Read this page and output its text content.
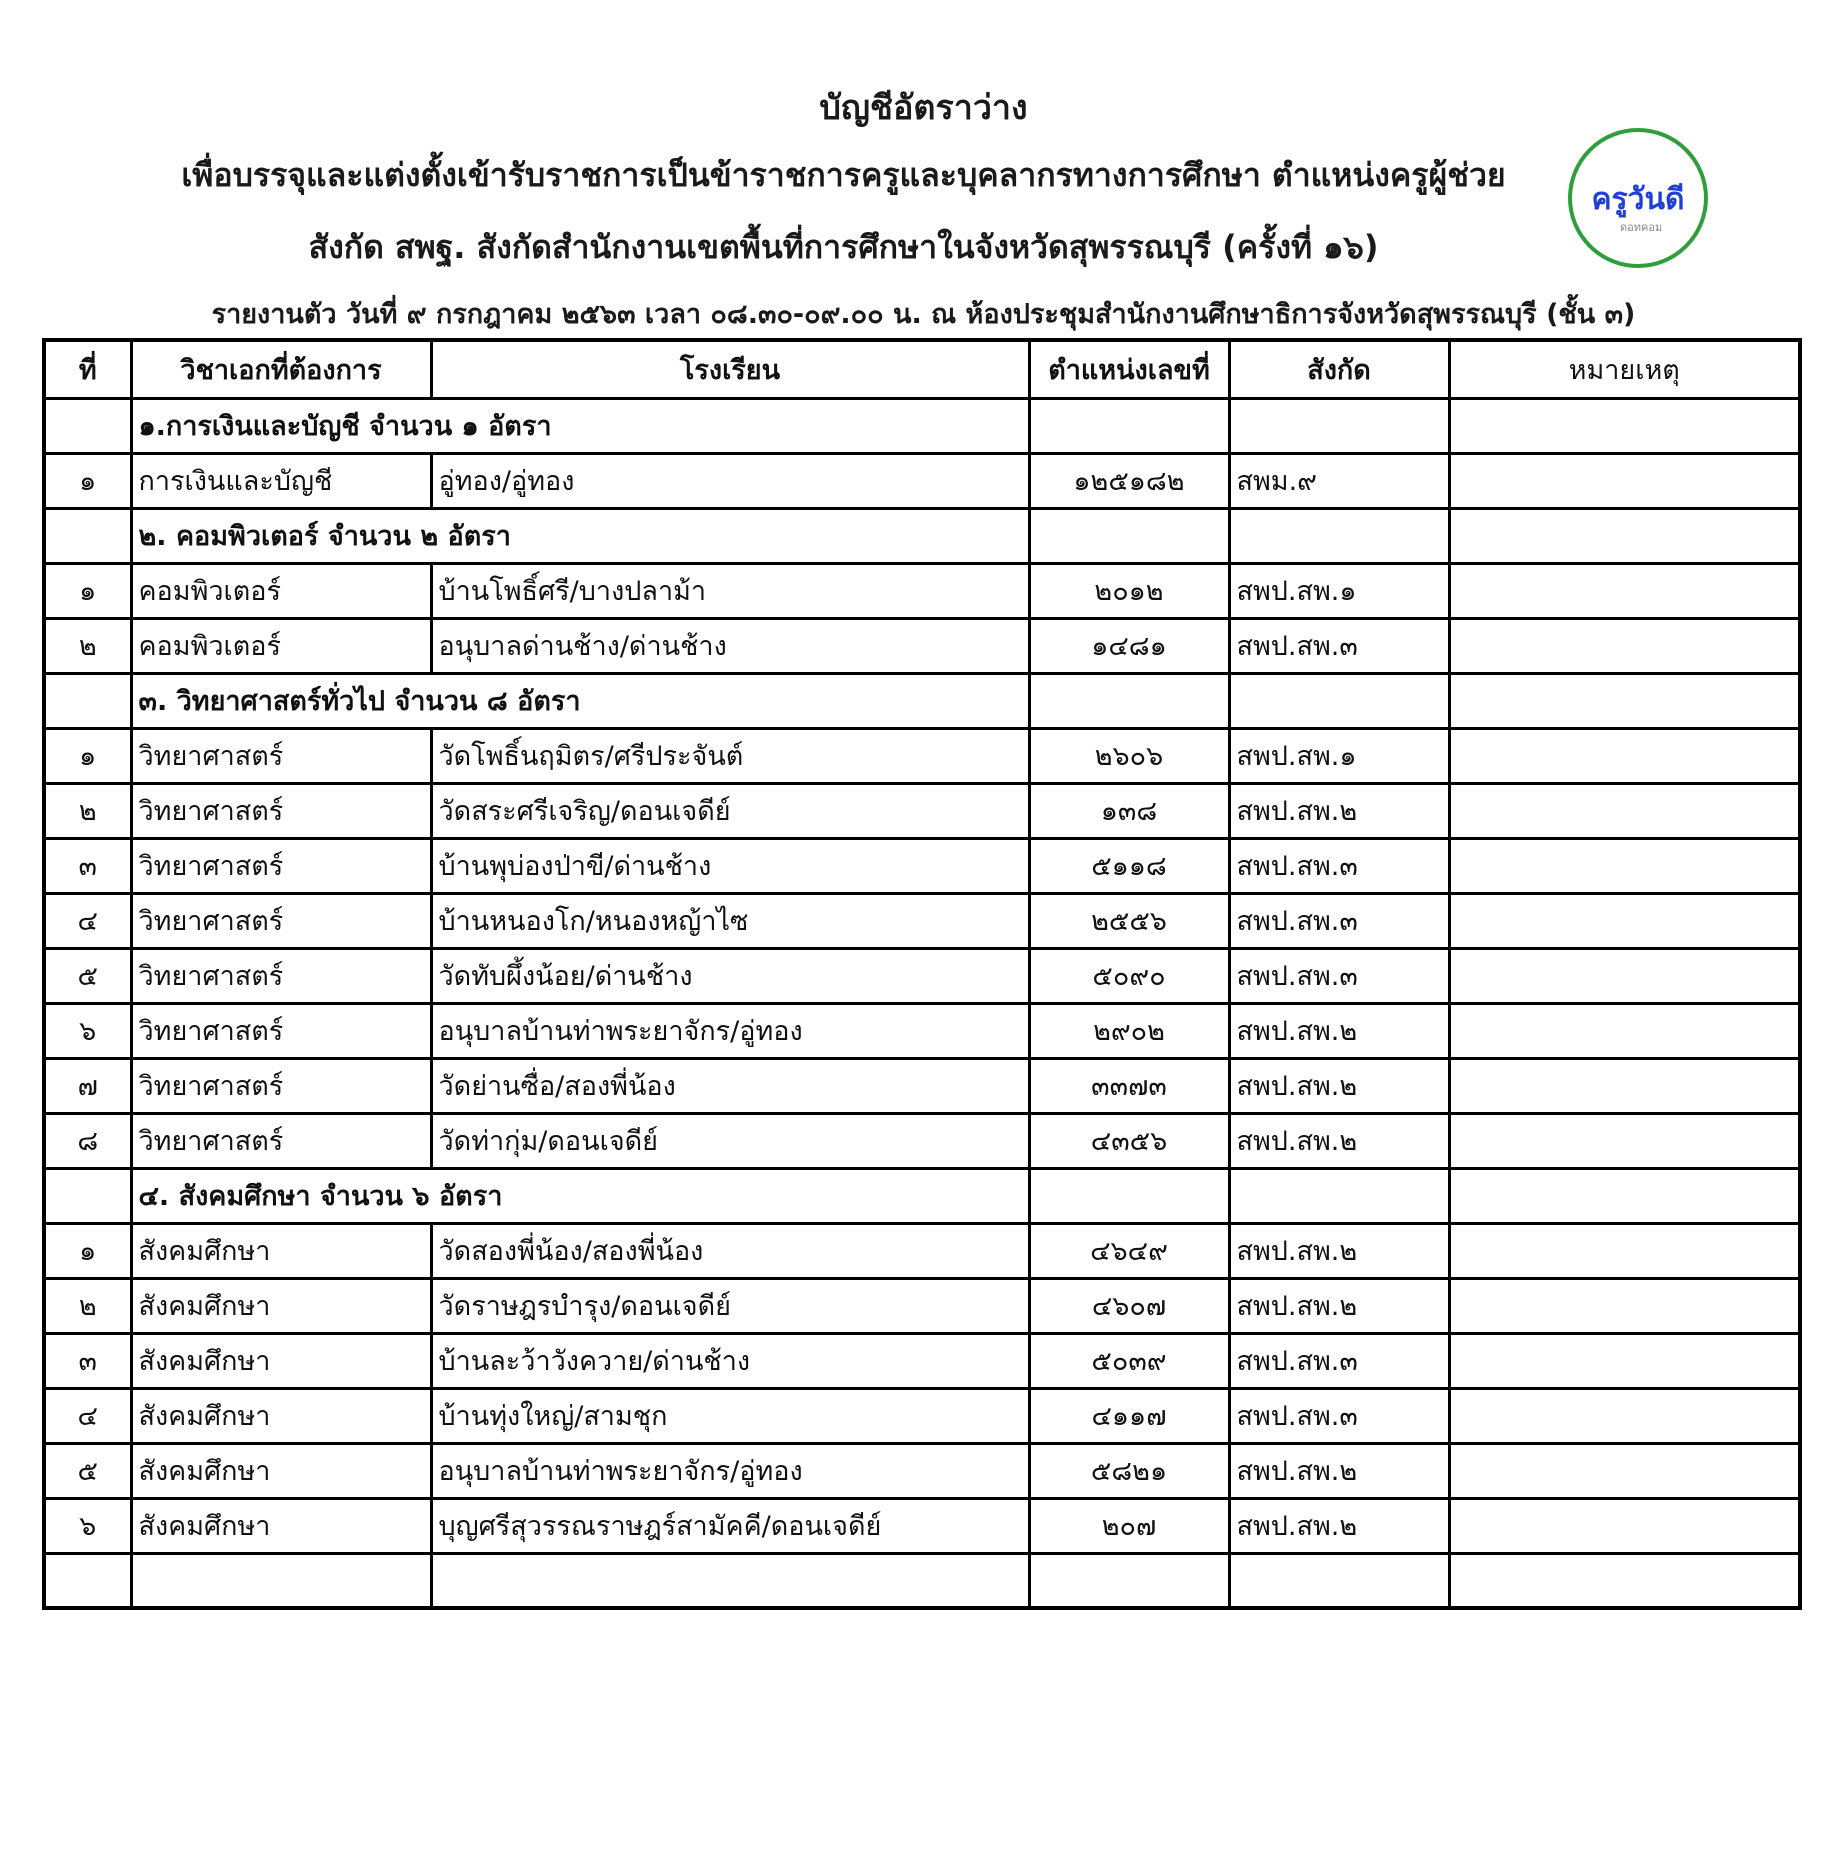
บัญชีอัตราว่าง
เพื่อบรรจุและแต่งตั้งเข้ารับราชการเป็นข้าราชการครูและบุคลากรทางการศึกษา ตำแหน่งครูผู้ช่วย
สังกัด สพฐ. สังกัดสำนักงานเขตพื้นที่การศึกษาในจังหวัดสุพรรณบุรี (ครั้งที่ ๑๖)
รายงานตัว วันที่ ๙ กรกฎาคม ๒๕๖๓ เวลา ๐๘.๓๐-๐๙.๐๐ น. ณ ห้องประชุมสำนักงานศึกษาธิการจังหวัดสุพรรณบุรี (ชั้น ๓)
ครูวันดี
ดอทคอม
ที่	วิชาเอกที่ต้องการ	โรงเรียน	ตำแหน่งเลขที่	สังกัด	หมายเหตุ
	๑.การเงินและบัญชี จำนวน ๑ อัตรา				
๑	การเงินและบัญชี	อู่ทอง/อู่ทอง	๑๒๕๑๘๒	สพม.๙	
	๒. คอมพิวเตอร์ จำนวน ๒ อัตรา				
๑	คอมพิวเตอร์	บ้านโพธิ์ศรี/บางปลาม้า	๒๐๑๒	สพป.สพ.๑	
๒	คอมพิวเตอร์	อนุบาลด่านช้าง/ด่านช้าง	๑๔๘๑	สพป.สพ.๓	
	๓. วิทยาศาสตร์ทั่วไป จำนวน ๘ อัตรา				
๑	วิทยาศาสตร์	วัดโพธิ์นฤมิตร/ศรีประจันต์	๒๖๐๖	สพป.สพ.๑	
๒	วิทยาศาสตร์	วัดสระศรีเจริญ/ดอนเจดีย์	๑๓๘	สพป.สพ.๒	
๓	วิทยาศาสตร์	บ้านพุบ่องป่าขี/ด่านช้าง	๕๑๑๘	สพป.สพ.๓	
๔	วิทยาศาสตร์	บ้านหนองโก/หนองหญ้าไซ	๒๕๕๖	สพป.สพ.๓	
๕	วิทยาศาสตร์	วัดทับผึ้งน้อย/ด่านช้าง	๕๐๙๐	สพป.สพ.๓	
๖	วิทยาศาสตร์	อนุบาลบ้านท่าพระยาจักร/อู่ทอง	๒๙๐๒	สพป.สพ.๒	
๗	วิทยาศาสตร์	วัดย่านซื่อ/สองพี่น้อง	๓๓๗๓	สพป.สพ.๒	
๘	วิทยาศาสตร์	วัดท่ากุ่ม/ดอนเจดีย์	๔๓๕๖	สพป.สพ.๒	
	๔. สังคมศึกษา จำนวน ๖ อัตรา				
๑	สังคมศึกษา	วัดสองพี่น้อง/สองพี่น้อง	๔๖๔๙	สพป.สพ.๒	
๒	สังคมศึกษา	วัดราษฎรบำรุง/ดอนเจดีย์	๔๖๐๗	สพป.สพ.๒	
๓	สังคมศึกษา	บ้านละว้าวังควาย/ด่านช้าง	๕๐๓๙	สพป.สพ.๓	
๔	สังคมศึกษา	บ้านทุ่งใหญ่/สามชุก	๔๑๑๗	สพป.สพ.๓	
๕	สังคมศึกษา	อนุบาลบ้านท่าพระยาจักร/อู่ทอง	๕๘๒๑	สพป.สพ.๒	
๖	สังคมศึกษา	บุญศรีสุวรรณราษฎร์สามัคคี/ดอนเจดีย์	๒๐๗	สพป.สพ.๒	
